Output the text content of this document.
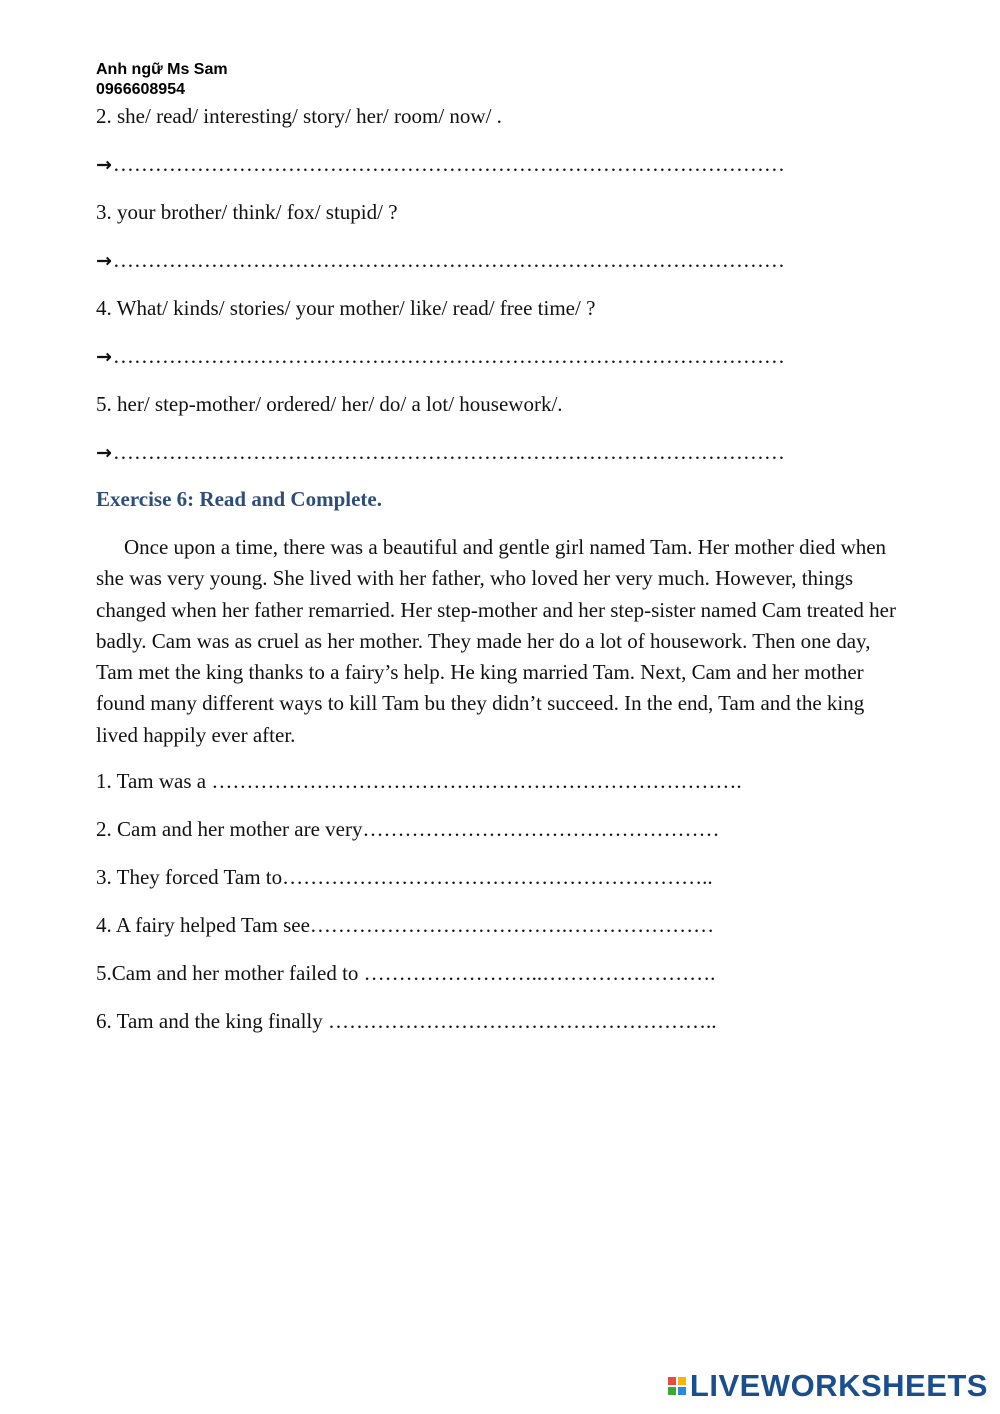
Anh ngữ Ms Sam
0966608954
2. she/ read/ interesting/ story/ her/ room/ now/ .
→……………………………………………………………………………………
3. your brother/ think/ fox/ stupid/ ?
→……………………………………………………………………………………
4. What/ kinds/ stories/ your mother/ like/ read/ free time/ ?
→……………………………………………………………………………………
5. her/ step-mother/ ordered/ her/ do/ a lot/ housework/.
→……………………………………………………………………………………
Exercise 6: Read and Complete.

Once upon a time, there was a beautiful and gentle girl named Tam. Her mother died when she was very young. She lived with her father, who loved her very much. However, things changed when her father remarried. Her step-mother and her step-sister named Cam treated her badly. Cam was as cruel as her mother. They made her do a lot of housework. Then one day, Tam met the king thanks to a fairy’s help. He king married Tam. Next, Cam and her mother found many different ways to kill Tam bu they didn’t succeed. In the end, Tam and the king lived happily ever after.

1. Tam was a ………………………………………………………………….
2. Cam and her mother are very……………………………………………
3. They forced Tam to……………………………………………………..
4. A fairy helped Tam see……………………………….…………………
5.Cam and her mother failed to ……………………..…………………….
6. Tam and the king finally ………………………………………………..
LIVEWORKSHEETS
